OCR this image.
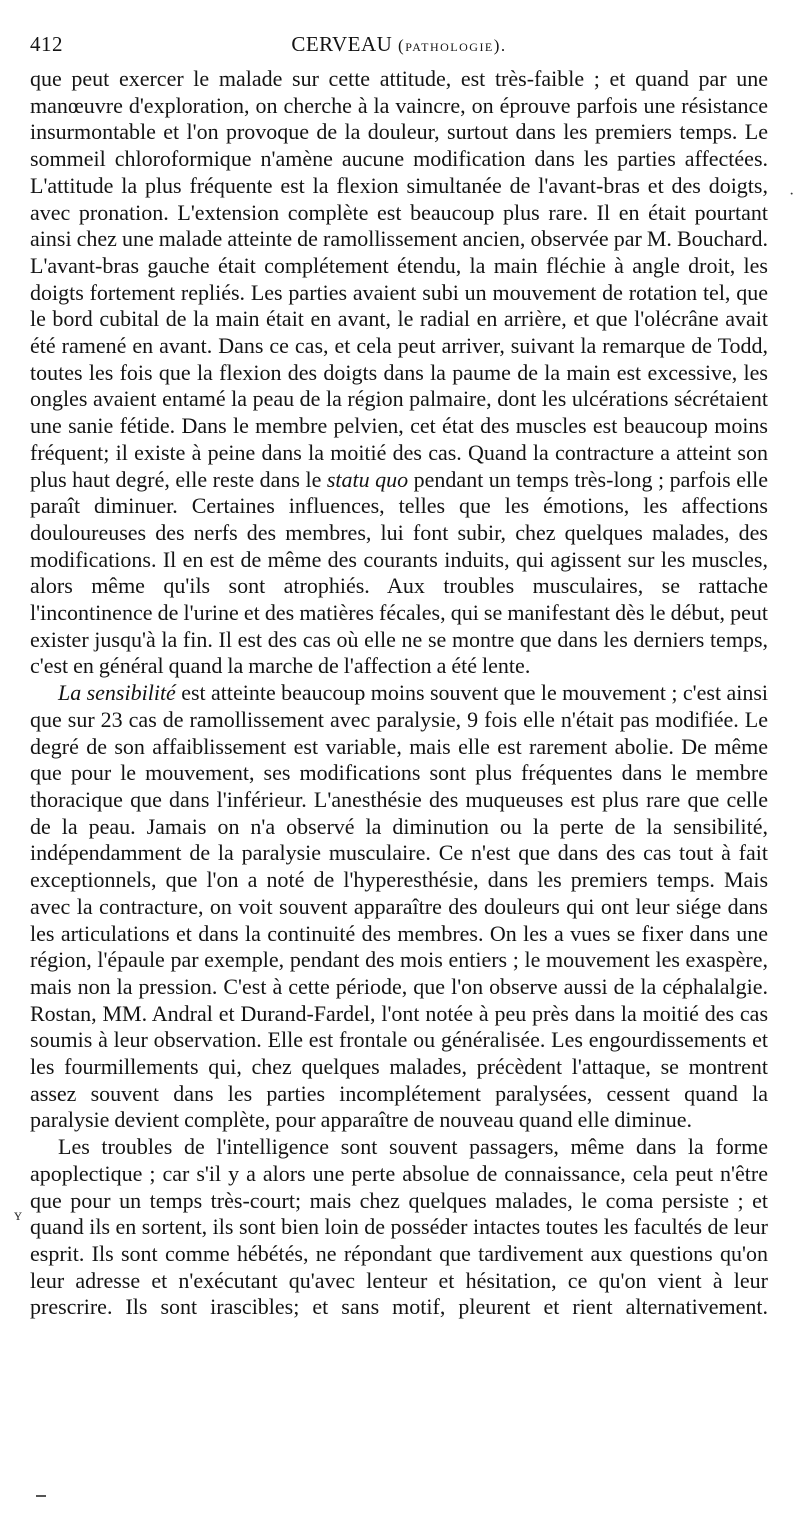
412	CERVEAU (pathologie).

que peut exercer le malade sur cette attitude, est très-faible ; et quand par une manœuvre d'exploration, on cherche à la vaincre, on éprouve parfois une résistance insurmontable et l'on provoque de la douleur, surtout dans les premiers temps. Le sommeil chloroformique n'amène aucune modification dans les parties affectées. L'attitude la plus fréquente est la flexion simultanée de l'avant-bras et des doigts, avec pronation. L'extension complète est beaucoup plus rare. Il en était pourtant ainsi chez une malade atteinte de ramollissement ancien, observée par M. Bouchard. L'avant-bras gauche était complétement étendu, la main fléchie à angle droit, les doigts fortement repliés. Les parties avaient subi un mouvement de rotation tel, que le bord cubital de la main était en avant, le radial en arrière, et que l'olécrâne avait été ramené en avant. Dans ce cas, et cela peut arriver, suivant la remarque de Todd, toutes les fois que la flexion des doigts dans la paume de la main est excessive, les ongles avaient entamé la peau de la région palmaire, dont les ulcérations sécrétaient une sanie fétide. Dans le membre pelvien, cet état des muscles est beaucoup moins fréquent; il existe à peine dans la moitié des cas. Quand la contracture a atteint son plus haut degré, elle reste dans le statu quo pendant un temps très-long ; parfois elle paraît diminuer. Certaines influences, telles que les émotions, les affections douloureuses des nerfs des membres, lui font subir, chez quelques malades, des modifications. Il en est de même des courants induits, qui agissent sur les muscles, alors même qu'ils sont atrophiés. Aux troubles musculaires, se rattache l'incontinence de l'urine et des matières fécales, qui se manifestant dès le début, peut exister jusqu'à la fin. Il est des cas où elle ne se montre que dans les derniers temps, c'est en général quand la marche de l'affection a été lente.

La sensibilité est atteinte beaucoup moins souvent que le mouvement ; c'est ainsi que sur 23 cas de ramollissement avec paralysie, 9 fois elle n'était pas modifiée. Le degré de son affaiblissement est variable, mais elle est rarement abolie. De même que pour le mouvement, ses modifications sont plus fréquentes dans le membre thoracique que dans l'inférieur. L'anesthésie des muqueuses est plus rare que celle de la peau. Jamais on n'a observé la diminution ou la perte de la sensibilité, indépendamment de la paralysie musculaire. Ce n'est que dans des cas tout à fait exceptionnels, que l'on a noté de l'hyperesthésie, dans les premiers temps. Mais avec la contracture, on voit souvent apparaître des douleurs qui ont leur siége dans les articulations et dans la continuité des membres. On les a vues se fixer dans une région, l'épaule par exemple, pendant des mois entiers ; le mouvement les exaspère, mais non la pression. C'est à cette période, que l'on observe aussi de la céphalalgie. Rostan, MM. Andral et Durand-Fardel, l'ont notée à peu près dans la moitié des cas soumis à leur observation. Elle est frontale ou généralisée. Les engourdissements et les fourmillements qui, chez quelques malades, précèdent l'attaque, se montrent assez souvent dans les parties incomplétement paralysées, cessent quand la paralysie devient complète, pour apparaître de nouveau quand elle diminue.

Les troubles de l'intelligence sont souvent passagers, même dans la forme apoplectique ; car s'il y a alors une perte absolue de connaissance, cela peut n'être que pour un temps très-court; mais chez quelques malades, le coma persiste ; et quand ils en sortent, ils sont bien loin de posséder intactes toutes les facultés de leur esprit. Ils sont comme hébétés, ne répondant que tardivement aux questions qu'on leur adresse et n'exécutant qu'avec lenteur et hésitation, ce qu'on vient à leur prescrire. Ils sont irascibles; et sans motif, pleurent et rient alternativement.

·
ʏ
